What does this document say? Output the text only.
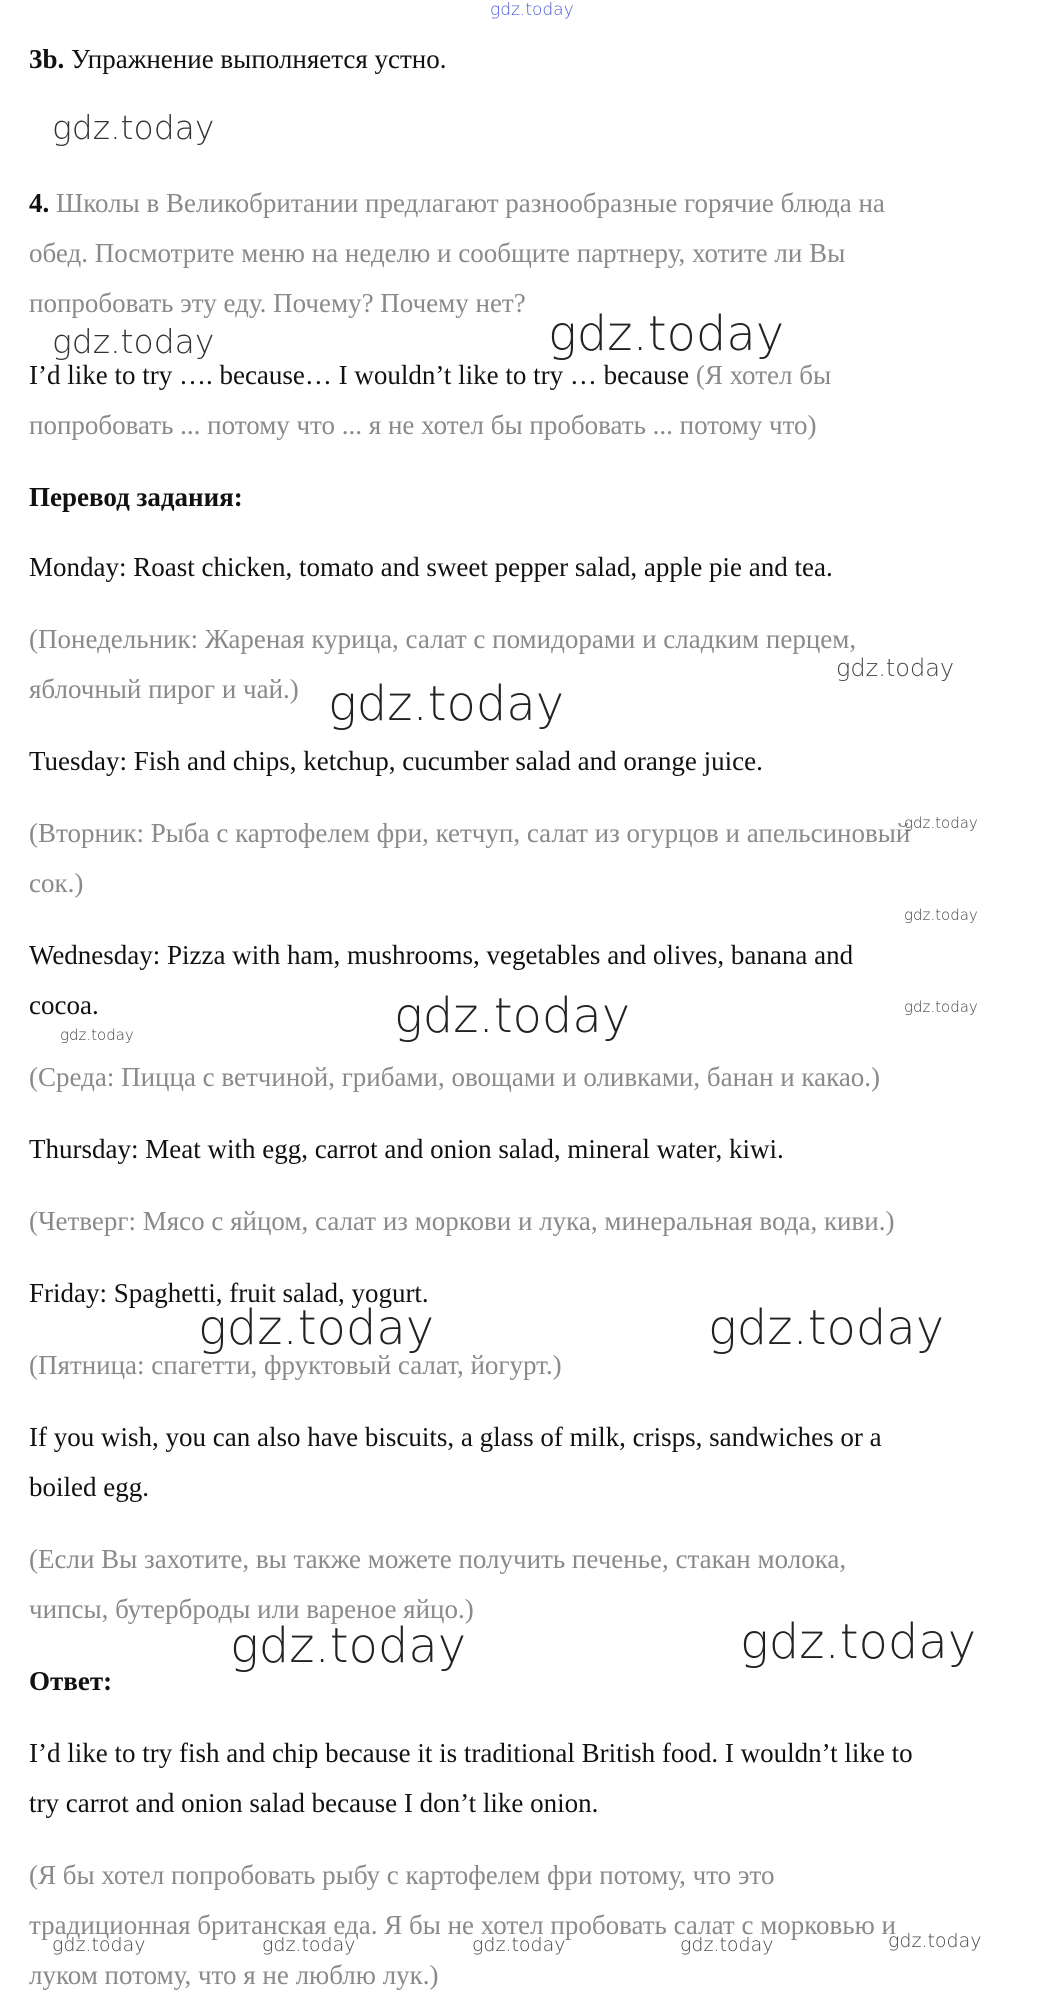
gdz.today
3b. Упражнение выполняется устно.
4. Школы в Великобритании предлагают разнообразные горячие блюда на
обед. Посмотрите меню на неделю и сообщите партнеру, хотите ли Вы
попробовать эту еду. Почему? Почему нет?
I’d like to try …. because… I wouldn’t like to try … because (Я хотел бы
попробовать ... потому что ... я не хотел бы пробовать ... потому что)
Перевод задания:
Monday: Roast chicken, tomato and sweet pepper salad, apple pie and tea.
(Понедельник: Жареная курица, салат с помидорами и сладким перцем,
яблочный пирог и чай.)
Tuesday: Fish and chips, ketchup, cucumber salad and orange juice.
(Вторник: Рыба с картофелем фри, кетчуп, салат из огурцов и апельсиновый
сок.)
Wednesday: Pizza with ham, mushrooms, vegetables and olives, banana and
cocoa.
(Среда: Пицца с ветчиной, грибами, овощами и оливками, банан и какао.)
Thursday: Meat with egg, carrot and onion salad, mineral water, kiwi.
(Четверг: Мясо с яйцом, салат из моркови и лука, минеральная вода, киви.)
Friday: Spaghetti, fruit salad, yogurt.
(Пятница: спагетти, фруктовый салат, йогурт.)
If you wish, you can also have biscuits, a glass of milk, crisps, sandwiches or a
boiled egg.
(Если Вы захотите, вы также можете получить печенье, стакан молока,
чипсы, бутерброды или вареное яйцо.)
Ответ:
I’d like to try fish and chip because it is traditional British food. I wouldn’t like to
try carrot and onion salad because I don’t like onion.
(Я бы хотел попробовать рыбу с картофелем фри потому, что это
традиционная британская еда. Я бы не хотел пробовать салат с морковью и
луком потому, что я не люблю лук.)
gdz.today
gdz.today	gdz.today
gdz.today
gdz.today
gdz.today
gdz.today
gdz.today
gdz.today	gdz.today
gdz.today	gdz.today
gdz.today	gdz.today
gdz.today	gdz.today	gdz.today	gdz.today	gdz.today
